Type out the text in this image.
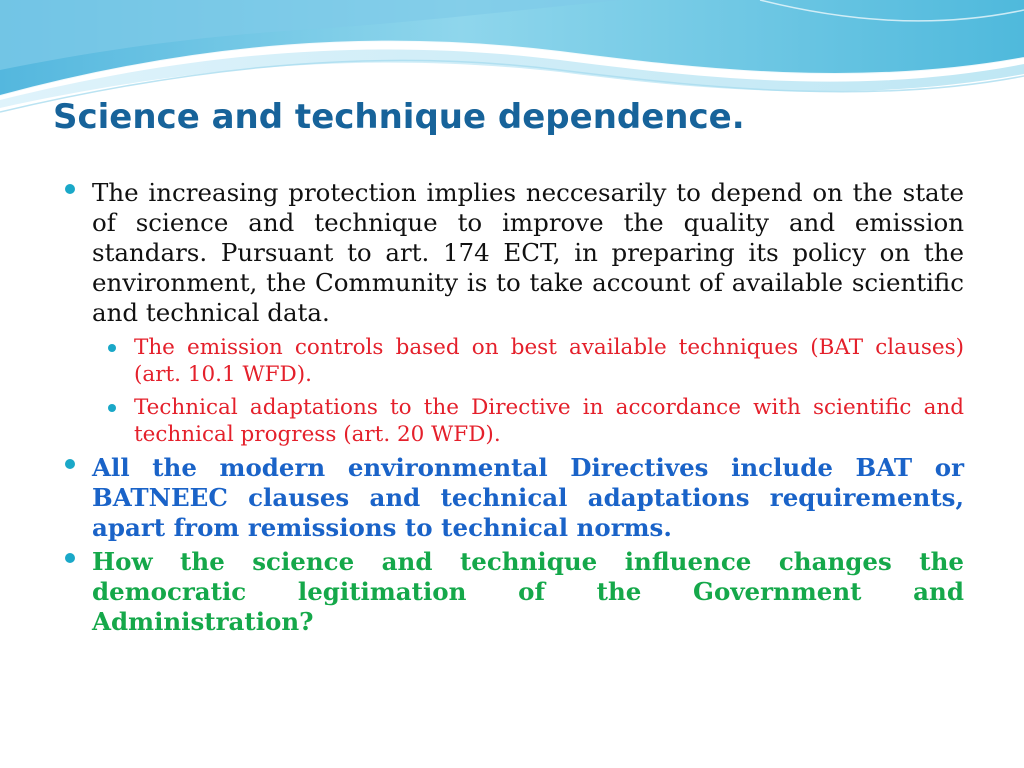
Science and technique dependence.
The increasing protection implies neccesarily to depend on the state of science and technique to improve the quality and emission standars. Pursuant to art. 174 ECT, in preparing its policy on the environment, the Community is to take account of available scientific and technical data.
The emission controls based on best available techniques (BAT clauses) (art. 10.1 WFD).
Technical adaptations to the Directive in accordance with scientific and technical progress (art. 20 WFD).
All the modern environmental Directives include BAT or BATNEEC clauses and technical adaptations requirements, apart from remissions to technical norms.
How the science and technique influence changes the democratic legitimation of the Government and Administration?
